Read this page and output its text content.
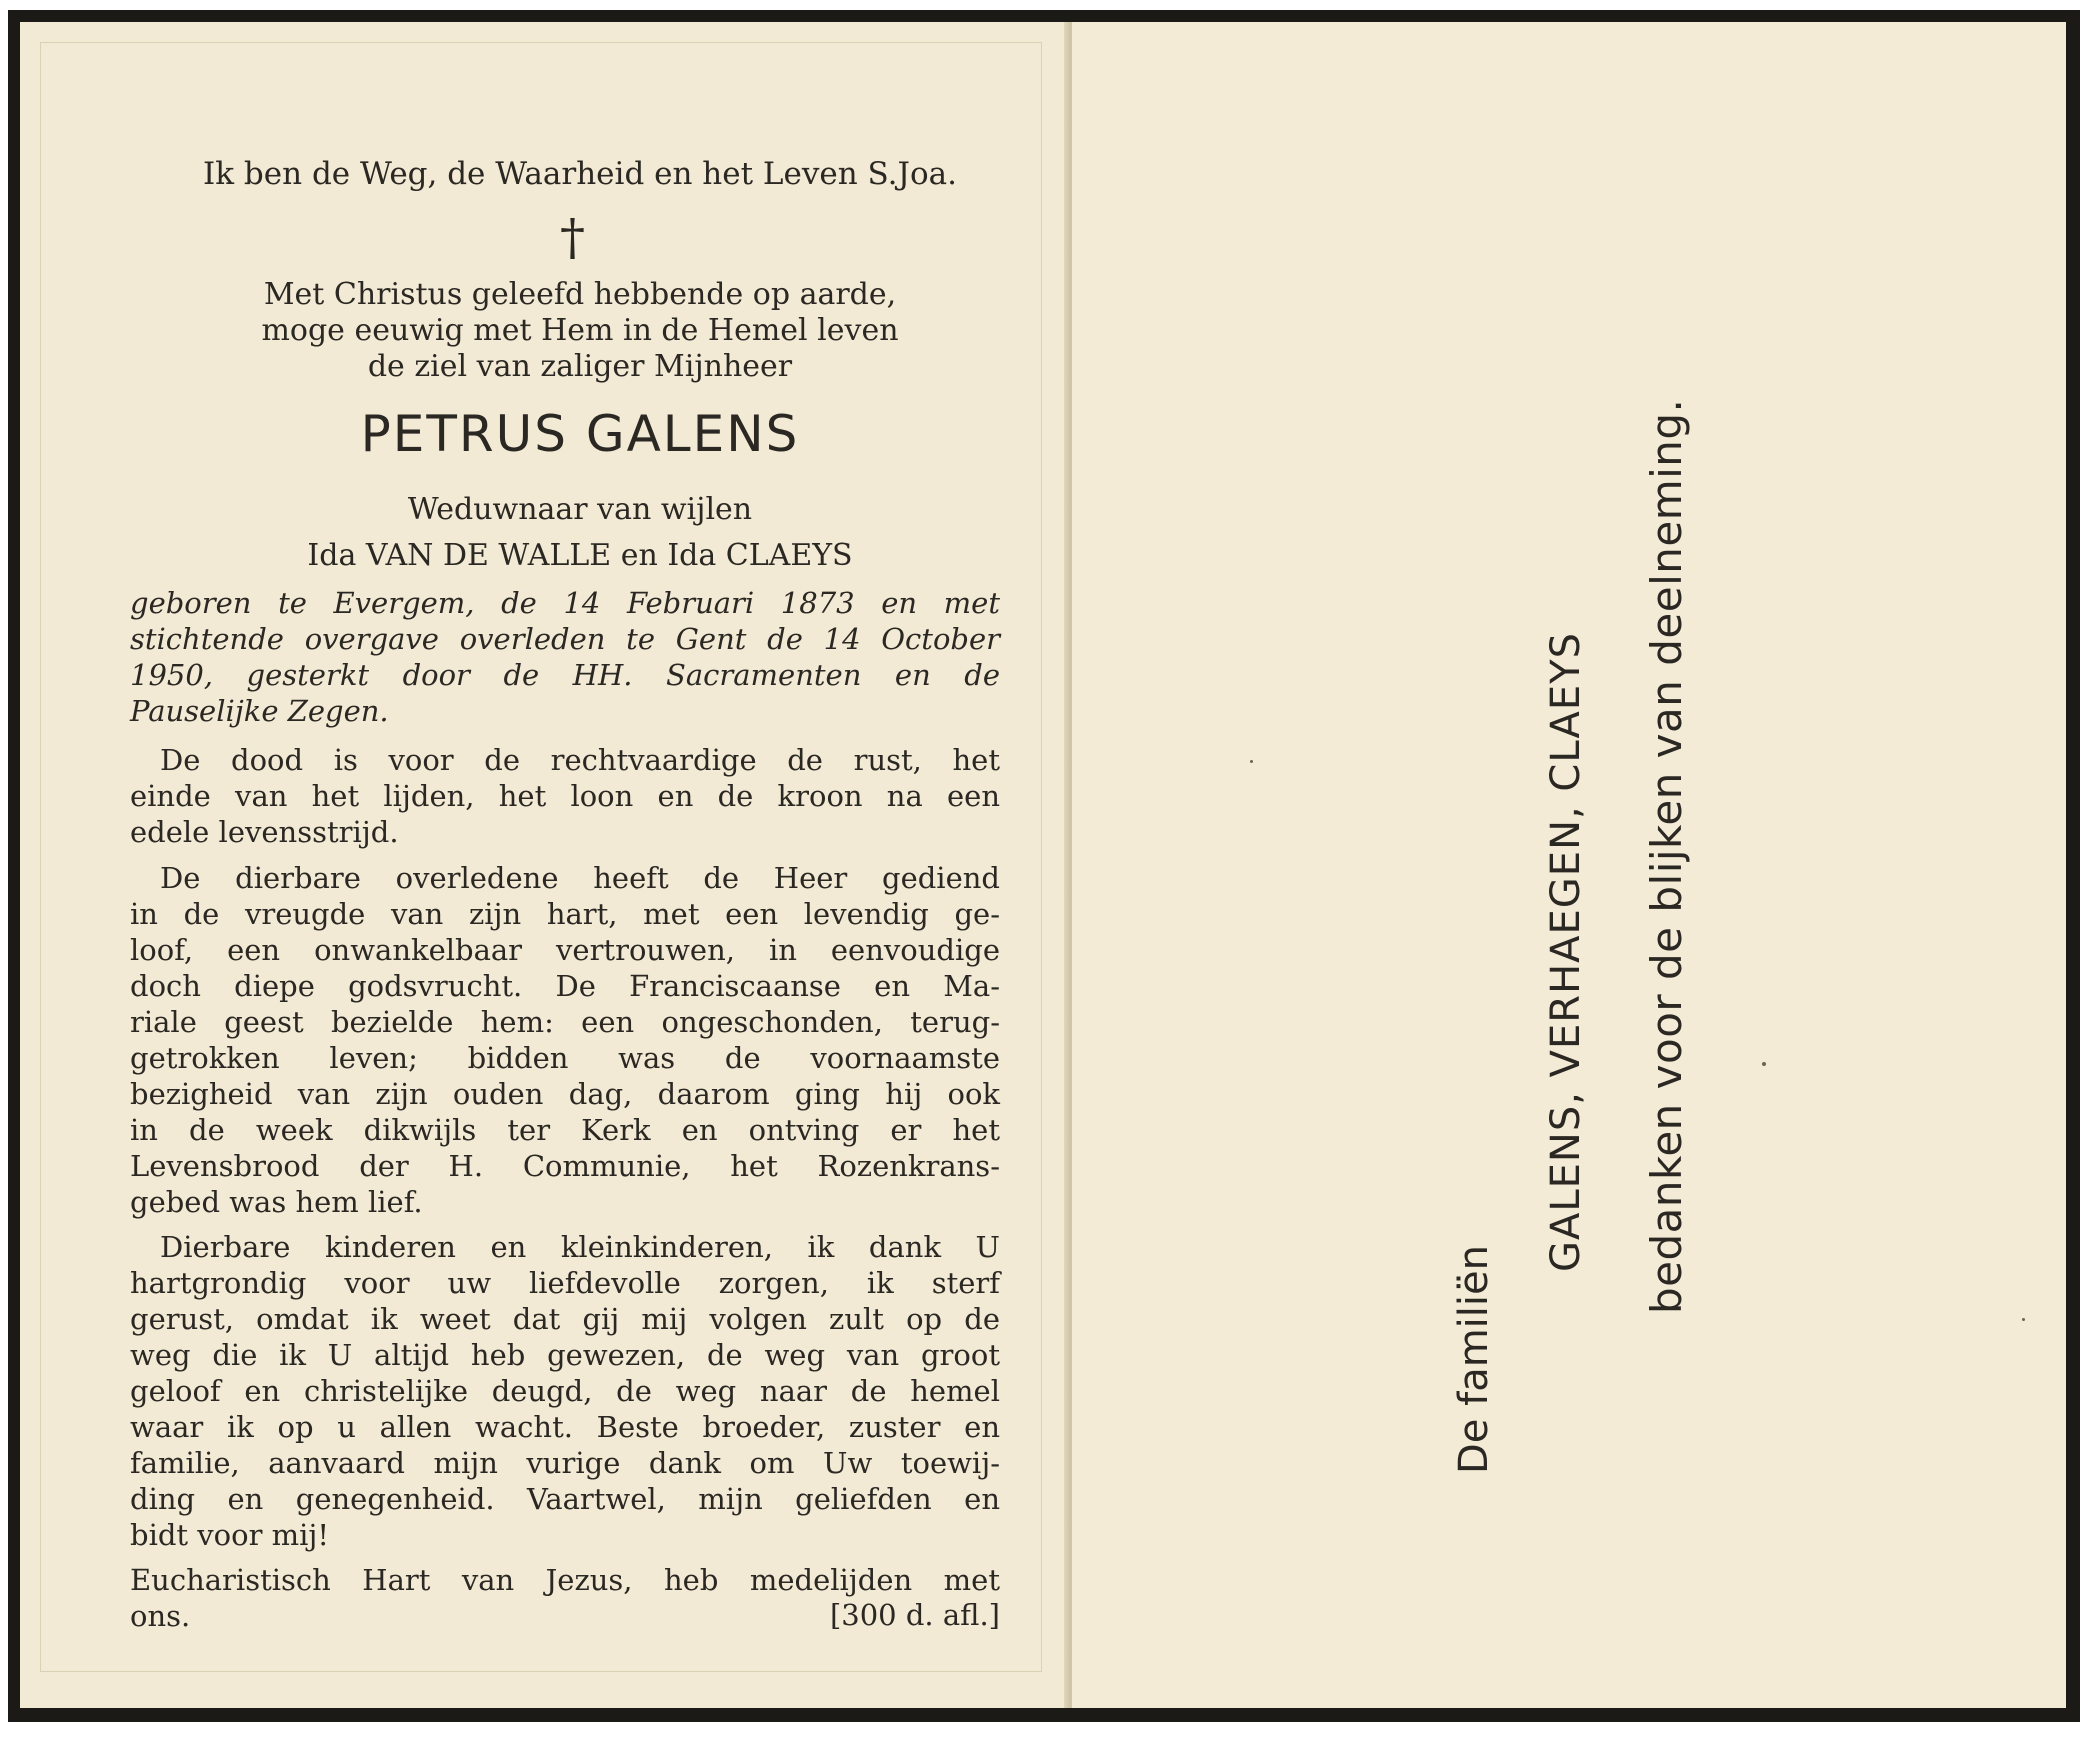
Ik ben de Weg, de Waarheid en het Leven S.Joa.

†

Met Christus geleefd hebbende op aarde,
moge eeuwig met Hem in de Hemel leven
de ziel van zaliger Mijnheer

PETRUS GALENS

Weduwnaar van wijlen

Ida VAN DE WALLE en Ida CLAEYS

geboren te Evergem, de 14 Februari 1873 en met
stichtende overgave overleden te Gent de 14 October
1950, gesterkt door de HH. Sacramenten en de
Pauselijke Zegen.

De dood is voor de rechtvaardige de rust, het
einde van het lijden, het loon en de kroon na een
edele levensstrijd.

De dierbare overledene heeft de Heer gediend
in de vreugde van zijn hart, met een levendig ge-
loof, een onwankelbaar vertrouwen, in eenvoudige
doch diepe godsvrucht. De Franciscaanse en Ma-
riale geest bezielde hem: een ongeschonden, terug-
getrokken leven; bidden was de voornaamste
bezigheid van zijn ouden dag, daarom ging hij ook
in de week dikwijls ter Kerk en ontving er het
Levensbrood der H. Communie, het Rozenkrans-
gebed was hem lief.

Dierbare kinderen en kleinkinderen, ik dank U
hartgrondig voor uw liefdevolle zorgen, ik sterf
gerust, omdat ik weet dat gij mij volgen zult op de
weg die ik U altijd heb gewezen, de weg van groot
geloof en christelijke deugd, de weg naar de hemel
waar ik op u allen wacht. Beste broeder, zuster en
familie, aanvaard mijn vurige dank om Uw toewij-
ding en genegenheid. Vaartwel, mijn geliefden en
bidt voor mij!

Eucharistisch Hart van Jezus, heb medelijden met
ons.	[300 d. afl.]

De familiën

GALENS, VERHAEGEN, CLAEYS bedanken voor de blijken van deelneming.
